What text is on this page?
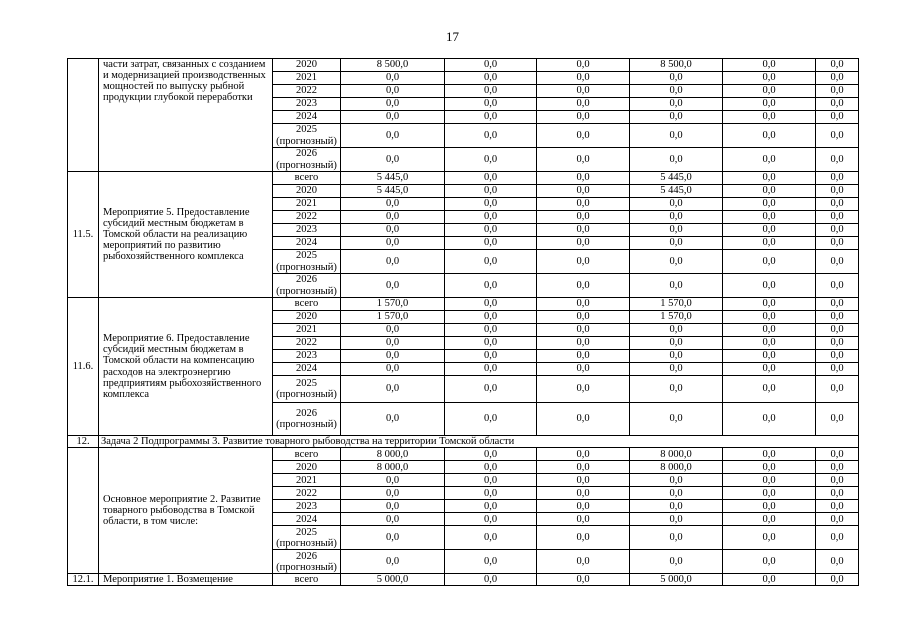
17
	части затрат, связанных с созданием и модернизацией производственных мощностей по выпуску рыбной продукции глубокой переработки	2020	8 500,0	0,0	0,0	8 500,0	0,0	0,0
		2021	0,0	0,0	0,0	0,0	0,0	0,0
		2022	0,0	0,0	0,0	0,0	0,0	0,0
		2023	0,0	0,0	0,0	0,0	0,0	0,0
		2024	0,0	0,0	0,0	0,0	0,0	0,0
		2025 (прогнозный)	0,0	0,0	0,0	0,0	0,0	0,0
		2026 (прогнозный)	0,0	0,0	0,0	0,0	0,0	0,0
11.5.	Мероприятие 5. Предоставление субсидий местным бюджетам в Томской области на реализацию мероприятий по развитию рыбохозяйственного комплекса	всего	5 445,0	0,0	0,0	5 445,0	0,0	0,0
		2020	5 445,0	0,0	0,0	5 445,0	0,0	0,0
		2021	0,0	0,0	0,0	0,0	0,0	0,0
		2022	0,0	0,0	0,0	0,0	0,0	0,0
		2023	0,0	0,0	0,0	0,0	0,0	0,0
		2024	0,0	0,0	0,0	0,0	0,0	0,0
		2025 (прогнозный)	0,0	0,0	0,0	0,0	0,0	0,0
		2026 (прогнозный)	0,0	0,0	0,0	0,0	0,0	0,0
11.6.	Мероприятие 6. Предоставление субсидий местным бюджетам в Томской области на компенсацию расходов на электроэнергию предприятиям рыбохозяйственного комплекса	всего	1 570,0	0,0	0,0	1 570,0	0,0	0,0
		2020	1 570,0	0,0	0,0	1 570,0	0,0	0,0
		2021	0,0	0,0	0,0	0,0	0,0	0,0
		2022	0,0	0,0	0,0	0,0	0,0	0,0
		2023	0,0	0,0	0,0	0,0	0,0	0,0
		2024	0,0	0,0	0,0	0,0	0,0	0,0
		2025 (прогнозный)	0,0	0,0	0,0	0,0	0,0	0,0
		2026 (прогнозный)	0,0	0,0	0,0	0,0	0,0	0,0
12.	Задача 2 Подпрограммы 3. Развитие товарного рыбоводства на территории Томской области							
	Основное мероприятие 2. Развитие товарного рыбоводства в Томской области, в том числе:	всего	8 000,0	0,0	0,0	8 000,0	0,0	0,0
		2020	8 000,0	0,0	0,0	8 000,0	0,0	0,0
		2021	0,0	0,0	0,0	0,0	0,0	0,0
		2022	0,0	0,0	0,0	0,0	0,0	0,0
		2023	0,0	0,0	0,0	0,0	0,0	0,0
		2024	0,0	0,0	0,0	0,0	0,0	0,0
		2025 (прогнозный)	0,0	0,0	0,0	0,0	0,0	0,0
		2026 (прогнозный)	0,0	0,0	0,0	0,0	0,0	0,0
12.1.	Мероприятие 1. Возмещение	всего	5 000,0	0,0	0,0	5 000,0	0,0	0,0
